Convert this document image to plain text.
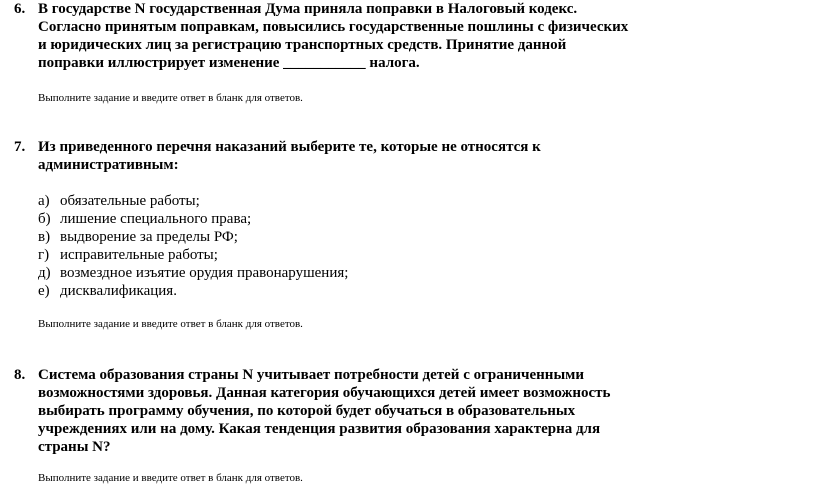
6. В государстве N государственная Дума приняла поправки в Налоговый кодекс.
Согласно принятым поправкам, повысились государственные пошлины с физических
и юридических лиц за регистрацию транспортных средств. Принятие данной
поправки иллюстрирует изменение ___________ налога.
Выполните задание и введите ответ в бланк для ответов.
7. Из приведенного перечня наказаний выберите те, которые не относятся к
административным:
а) обязательные работы;
б) лишение специального права;
в) выдворение за пределы РФ;
г) исправительные работы;
д) возмездное изъятие орудия правонарушения;
е) дисквалификация.
Выполните задание и введите ответ в бланк для ответов.
8. Система образования страны N учитывает потребности детей с ограниченными
возможностями здоровья. Данная категория обучающихся детей имеет возможность
выбирать программу обучения, по которой будет обучаться в образовательных
учреждениях или на дому. Какая тенденция развития образования характерна для
страны N?
Выполните задание и введите ответ в бланк для ответов.
